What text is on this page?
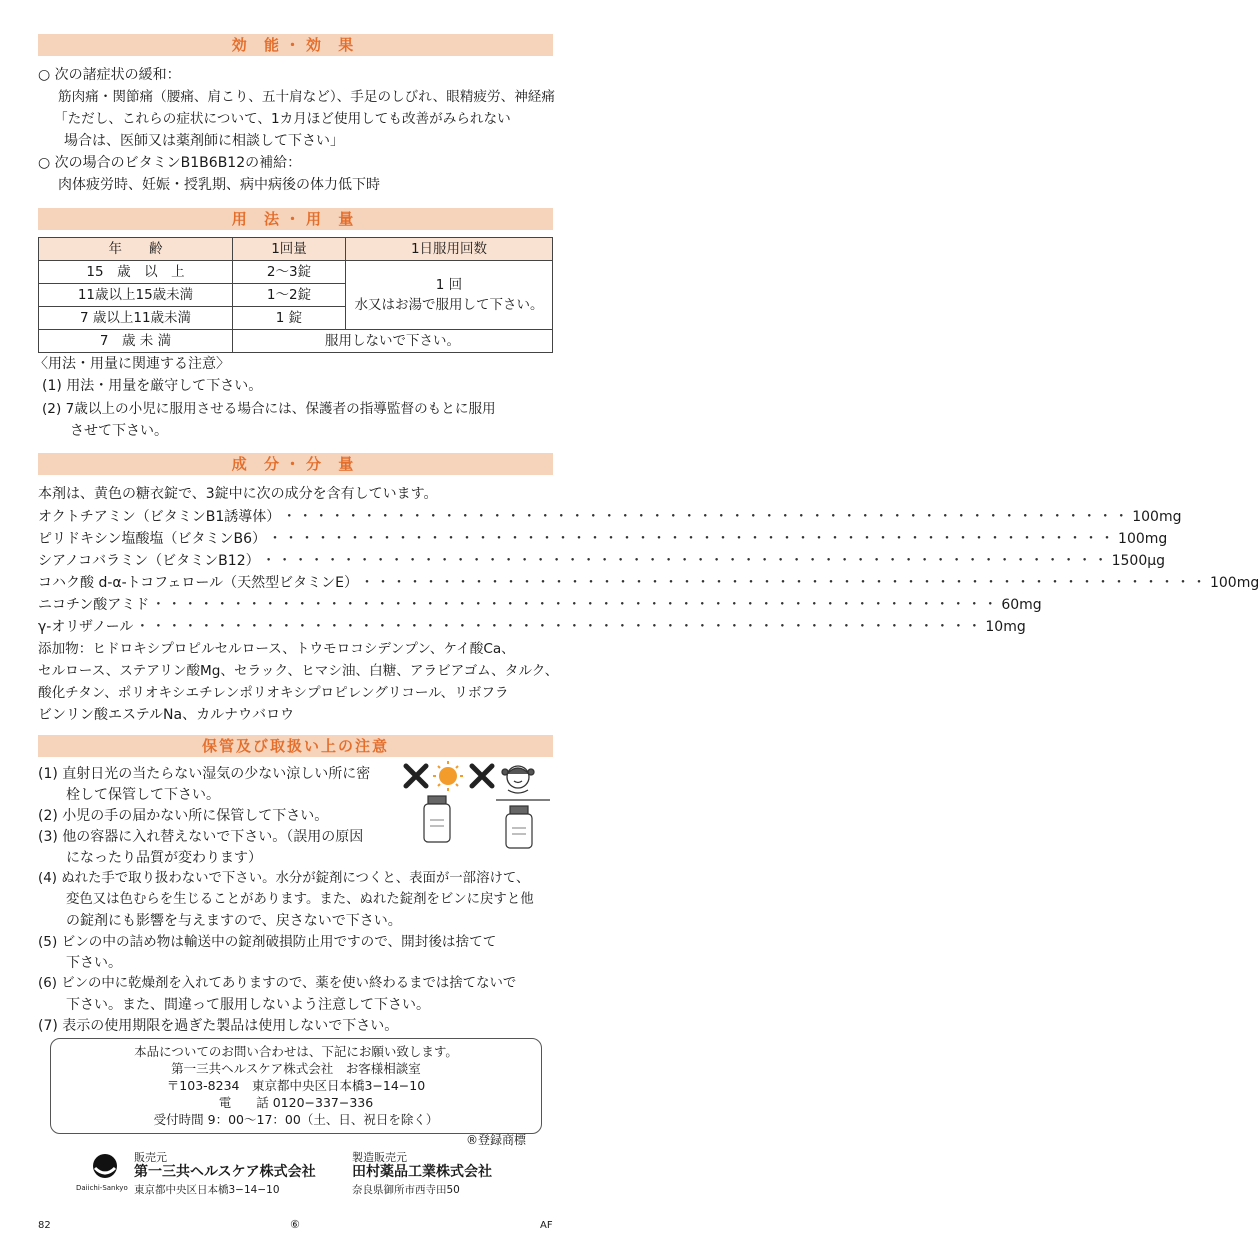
効 能・効 果
○ 次の諸症状の緩和：
筋肉痛・関節痛（腰痛、肩こり、五十肩など）、手足のしびれ、眼精疲労、神経痛
「ただし、これらの症状について、1カ月ほど使用しても改善がみられない
場合は、医師又は薬剤師に相談して下さい」
○ 次の場合のビタミンB1B6B12の補給：
肉体疲労時、妊娠・授乳期、病中病後の体力低下時
用 法・用 量
年　　齢	1回量	1日服用回数
15　歳　以　上	2〜3錠	1 回
水又はお湯で服用して下さい。

11歳以上15歳未満	1〜2錠	
7 歳以上11歳未満	1 錠	
7　歳 未 満	服用しないで下さい。	
〈用法・用量に関連する注意〉
(1) 用法・用量を厳守して下さい。
(2) 7歳以上の小児に服用させる場合には、保護者の指導監督のもとに服用
させて下さい。
成 分・分 量
本剤は、黄色の糖衣錠で、3錠中に次の成分を含有しています。
オクトチアミン（ビタミンB1誘導体） ・・・・・・・・・・・・・・・・・・・・・・・・・・・・・・・・・・・・・・・・・・・・・・・・・・・・・ 100mg
ピリドキシン塩酸塩（ビタミンB6） ・・・・・・・・・・・・・・・・・・・・・・・・・・・・・・・・・・・・・・・・・・・・・・・・・・・・・ 100mg
シアノコバラミン（ビタミンB12） ・・・・・・・・・・・・・・・・・・・・・・・・・・・・・・・・・・・・・・・・・・・・・・・・・・・・・ 1500μg
コハク酸 d-α-トコフェロール（天然型ビタミンE） ・・・・・・・・・・・・・・・・・・・・・・・・・・・・・・・・・・・・・・・・・・・・・・・・・・・・・ 100mg
ニコチン酸アミド ・・・・・・・・・・・・・・・・・・・・・・・・・・・・・・・・・・・・・・・・・・・・・・・・・・・・・ 60mg
γ-オリザノール ・・・・・・・・・・・・・・・・・・・・・・・・・・・・・・・・・・・・・・・・・・・・・・・・・・・・・ 10mg
添加物：ヒドロキシプロピルセルロース、トウモロコシデンプン、ケイ酸Ca、
セルロース、ステアリン酸Mg、セラック、ヒマシ油、白糖、アラビアゴム、タルク、
酸化チタン、ポリオキシエチレンポリオキシプロピレングリコール、リボフラ
ビンリン酸エステルNa、カルナウバロウ
保管及び取扱い上の注意
(1) 直射日光の当たらない湿気の少ない涼しい所に密
栓して保管して下さい。
(2) 小児の手の届かない所に保管して下さい。
(3) 他の容器に入れ替えないで下さい。（誤用の原因
になったり品質が変わります）
(4) ぬれた手で取り扱わないで下さい。水分が錠剤につくと、表面が一部溶けて、
変色又は色むらを生じることがあります。また、ぬれた錠剤をビンに戻すと他
の錠剤にも影響を与えますので、戻さないで下さい。
(5) ビンの中の詰め物は輸送中の錠剤破損防止用ですので、開封後は捨てて
下さい。
(6) ビンの中に乾燥剤を入れてありますので、薬を使い終わるまでは捨てないで
下さい。また、間違って服用しないよう注意して下さい。
(7) 表示の使用期限を過ぎた製品は使用しないで下さい。
本品についてのお問い合わせは、下記にお願い致します。
第一三共ヘルスケア株式会社　お客様相談室
〒103-8234　東京都中央区日本橋3−14−10
電　　話 0120−337−336
受付時間 9：00〜17：00（土、日、祝日を除く）
®登録商標
Daiichi-Sankyo
販売元
第一三共ヘルスケア株式会社
東京都中央区日本橋3−14−10
製造販売元
田村薬品工業株式会社
奈良県御所市西寺田50
82	⑥	AF
